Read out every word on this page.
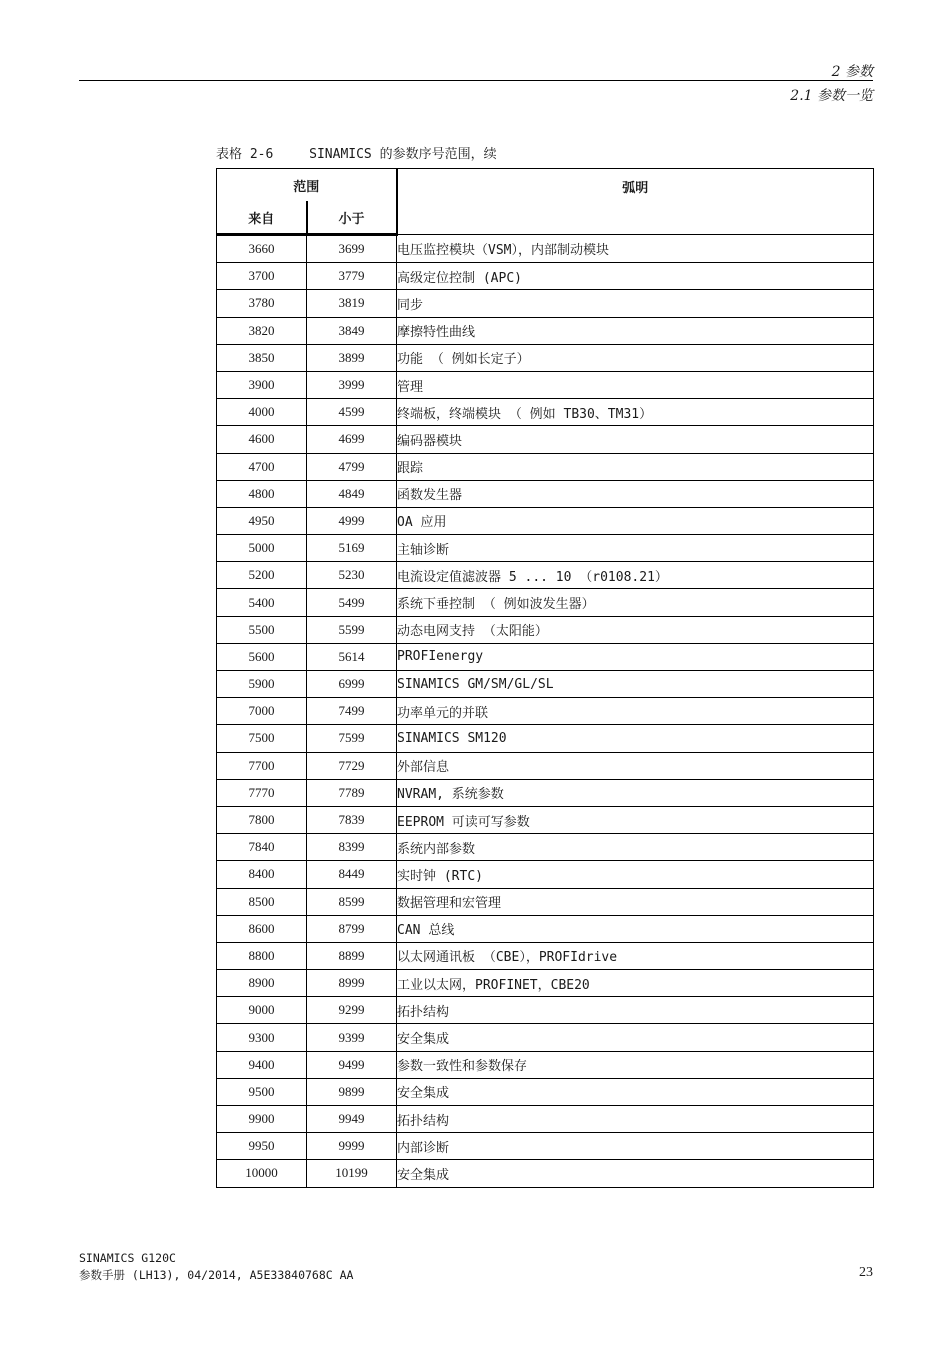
2 参数
2.1 参数一览
表格 2-6	SINAMICS 的参数序号范围，续
范围		弧明
来自	小于	
3660	3699	电压监控模块（VSM），内部制动模块
3700	3779	高级定位控制 (APC)
3780	3819	同步
3820	3849	摩擦特性曲线
3850	3899	功能 （ 例如长定子）
3900	3999	管理
4000	4599	终端板，终端模块 （ 例如 TB30、TM31）
4600	4699	编码器模块
4700	4799	跟踪
4800	4849	函数发生器
4950	4999	OA 应用
5000	5169	主轴诊断
5200	5230	电流设定值滤波器 5 ... 10 （r0108.21）
5400	5499	系统下垂控制 （ 例如波发生器）
5500	5599	动态电网支持 （太阳能）
5600	5614	PROFIenergy
5900	6999	SINAMICS GM/SM/GL/SL
7000	7499	功率单元的并联
7500	7599	SINAMICS SM120
7700	7729	外部信息
7770	7789	NVRAM, 系统参数
7800	7839	EEPROM 可读可写参数
7840	8399	系统内部参数
8400	8449	实时钟 (RTC)
8500	8599	数据管理和宏管理
8600	8799	CAN 总线
8800	8899	以太网通讯板 （CBE），PROFIdrive
8900	8999	工业以太网，PROFINET，CBE20
9000	9299	拓扑结构
9300	9399	安全集成
9400	9499	参数一致性和参数保存
9500	9899	安全集成
9900	9949	拓扑结构
9950	9999	内部诊断
10000	10199	安全集成
SINAMICS G120C
参数手册 (LH13), 04/2014, A5E33840768C AA	23
